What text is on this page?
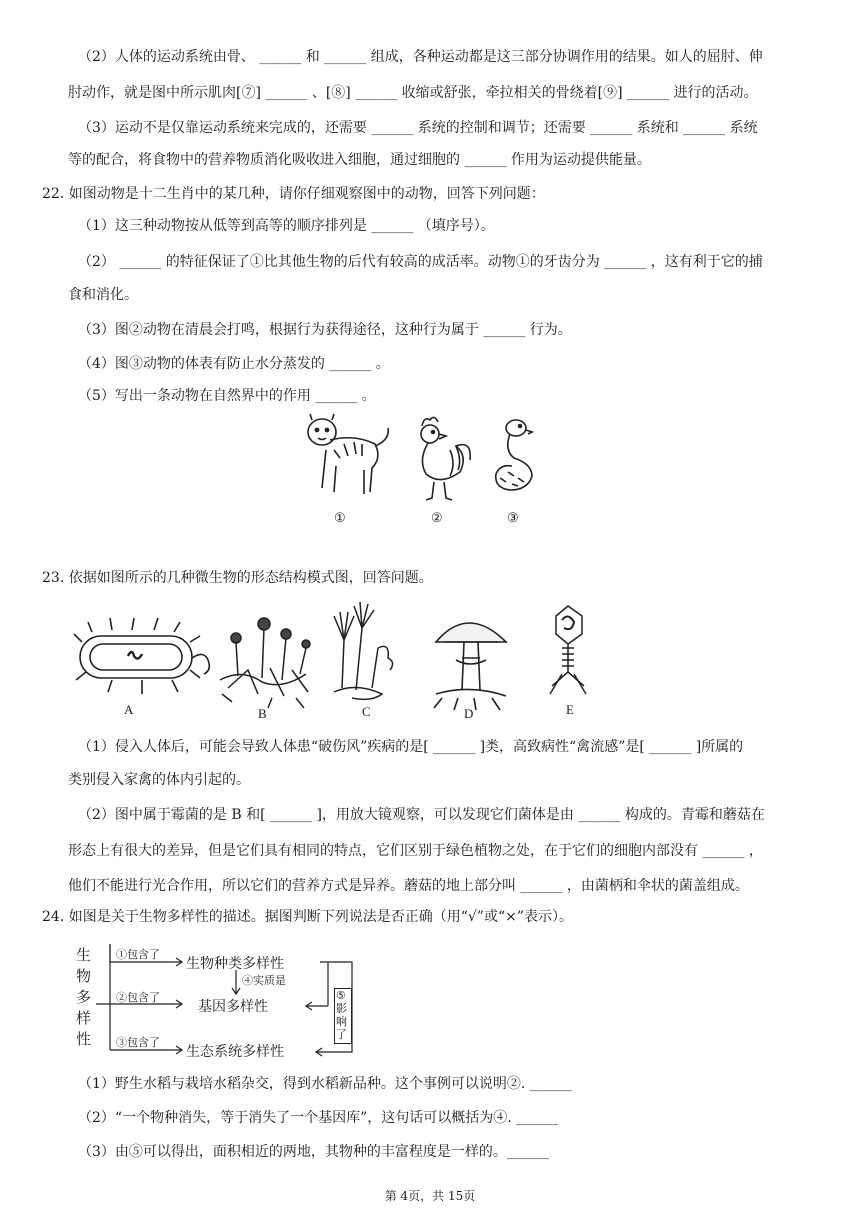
（2）人体的运动系统由骨、 ______ 和 ______ 组成，各种运动都是这三部分协调作用的结果。如人的屈肘、伸
肘动作，就是图中所示肌肉[⑦] ______ 、[⑧] ______ 收缩或舒张，牵拉相关的骨绕着[⑨] ______ 进行的活动。
（3）运动不是仅靠运动系统来完成的，还需要 ______ 系统的控制和调节；还需要 ______ 系统和 ______ 系统
等的配合，将食物中的营养物质消化吸收进入细胞，通过细胞的 ______ 作用为运动提供能量。
22. 如图动物是十二生肖中的某几种，请你仔细观察图中的动物，回答下列问题：
（1）这三种动物按从低等到高等的顺序排列是 ______ （填序号）。
（2） ______ 的特征保证了①比其他生物的后代有较高的成活率。动物①的牙齿分为 ______ ，这有利于它的捕
食和消化。
（3）图②动物在清晨会打鸣，根据行为获得途径，这种行为属于 ______ 行为。
（4）图③动物的体表有防止水分蒸发的 ______ 。
（5）写出一条动物在自然界中的作用 ______ 。
①	②	③
23. 依据如图所示的几种微生物的形态结构模式图，回答问题。
A	B	C	D	E
（1）侵入人体后，可能会导致人体患“破伤风”疾病的是[ ______ ]类，高致病性“禽流感”是[ ______ ]所属的
类别侵入家禽的体内引起的。
（2）图中属于霉菌的是 B 和[ ______ ]，用放大镜观察，可以发现它们菌体是由 ______ 构成的。青霉和蘑菇在
形态上有很大的差异，但是它们具有相同的特点，它们区别于绿色植物之处，在于它们的细胞内部没有 ______ ，
他们不能进行光合作用，所以它们的营养方式是异养。蘑菇的地上部分叫 ______ ，由菌柄和伞状的菌盖组成。
24. 如图是关于生物多样性的描述。据图判断下列说法是否正确（用“√”或“×”表示）。
生
物
多
样
性
①包含了
②包含了
③包含了
生物种类多样性
④实质是
基因多样性
生态系统多样性
⑤
影
响
了
（1）野生水稻与栽培水稻杂交，得到水稻新品种。这个事例可以说明②. ______
（2）“一个物种消失，等于消失了一个基因库”，这句话可以概括为④. ______
（3）由⑤可以得出，面积相近的两地，其物种的丰富程度是一样的。______
第 4页，共 15页
